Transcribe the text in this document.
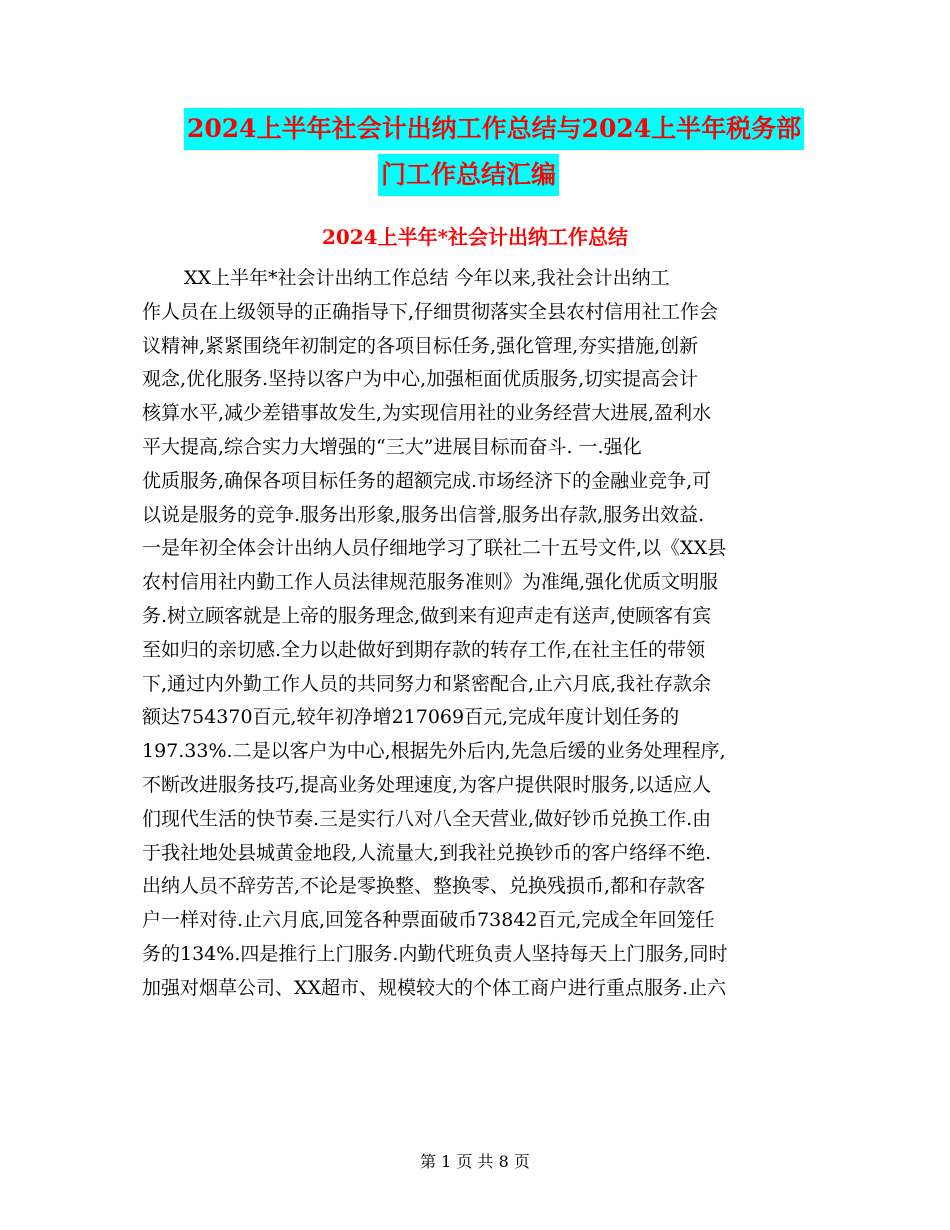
2024上半年社会计出纳工作总结与2024上半年税务部
门工作总结汇编
2024上半年*社会计出纳工作总结
XX上半年*社会计出纳工作总结 今年以来,我社会计出纳工
作人员在上级领导的正确指导下,仔细贯彻落实全县农村信用社工作会
议精神,紧紧围绕年初制定的各项目标任务,强化管理,夯实措施,创新
观念,优化服务.坚持以客户为中心,加强柜面优质服务,切实提高会计
核算水平,减少差错事故发生,为实现信用社的业务经营大进展,盈利水
平大提高,综合实力大增强的“三大”进展目标而奋斗. 一.强化
优质服务,确保各项目标任务的超额完成.市场经济下的金融业竞争,可
以说是服务的竞争.服务出形象,服务出信誉,服务出存款,服务出效益.
一是年初全体会计出纳人员仔细地学习了联社二十五号文件,以《XX县
农村信用社内勤工作人员法律规范服务准则》为准绳,强化优质文明服
务.树立顾客就是上帝的服务理念,做到来有迎声走有送声,使顾客有宾
至如归的亲切感.全力以赴做好到期存款的转存工作,在社主任的带领
下,通过内外勤工作人员的共同努力和紧密配合,止六月底,我社存款余
额达754370百元,较年初净增217069百元,完成年度计划任务的
197.33%.二是以客户为中心,根据先外后内,先急后缓的业务处理程序,
不断改进服务技巧,提高业务处理速度,为客户提供限时服务,以适应人
们现代生活的快节奏.三是实行八对八全天营业,做好钞币兑换工作.由
于我社地处县城黄金地段,人流量大,到我社兑换钞币的客户络绎不绝.
出纳人员不辞劳苦,不论是零换整、整换零、兑换残损币,都和存款客
户一样对待.止六月底,回笼各种票面破币73842百元,完成全年回笼任
务的134%.四是推行上门服务.内勤代班负责人坚持每天上门服务,同时
加强对烟草公司、XX超市、规模较大的个体工商户进行重点服务.止六
第 1 页 共 8 页
